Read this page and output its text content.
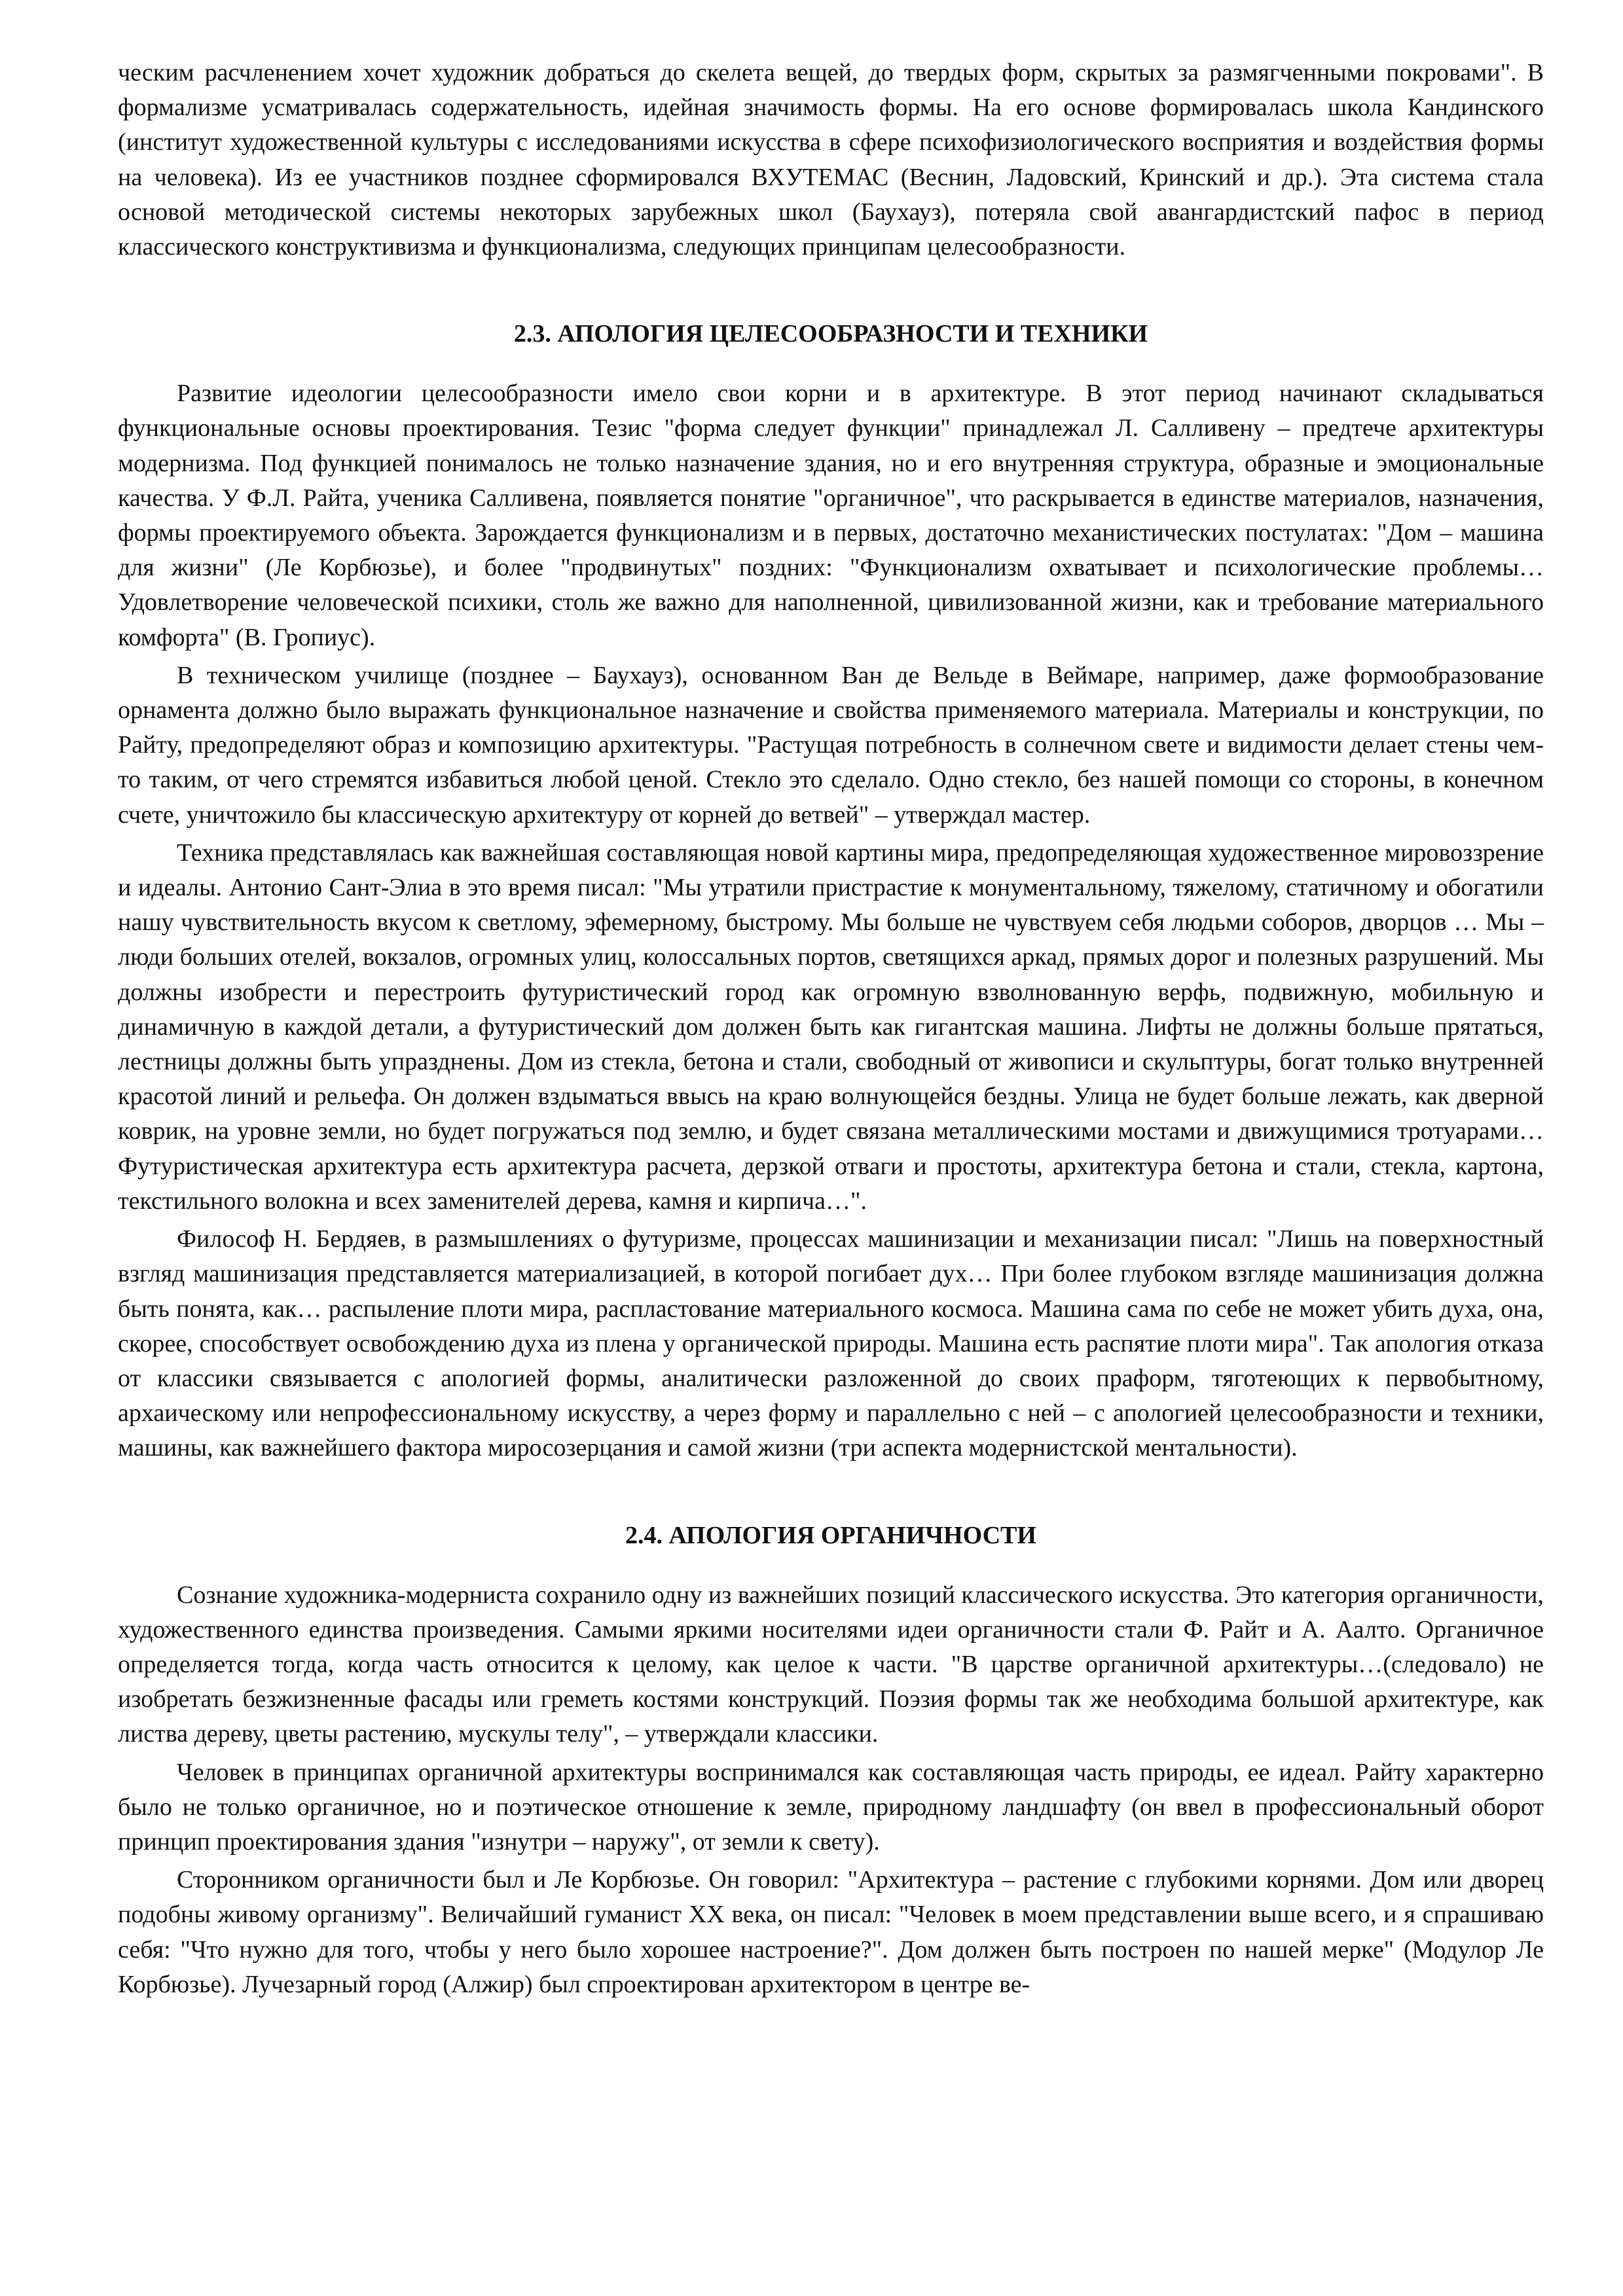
ческим расчленением хочет художник добраться до скелета вещей, до твердых форм, скрытых за размягченными покровами". В формализме усматривалась содержательность, идейная значимость формы. На его основе формировалась школа Кандинского (институт художественной культуры с исследованиями искусства в сфере психофизиологического восприятия и воздействия формы на человека). Из ее участников позднее сформировался ВХУТЕМАС (Веснин, Ладовский, Кринский и др.). Эта система стала основой методической системы некоторых зарубежных школ (Баухауз), потеряла свой авангардистский пафос в период классического конструктивизма и функционализма, следующих принципам целесообразности.

2.3. АПОЛОГИЯ ЦЕЛЕСООБРАЗНОСТИ И ТЕХНИКИ

Развитие идеологии целесообразности имело свои корни и в архитектуре. В этот период начинают складываться функциональные основы проектирования. Тезис "форма следует функции" принадлежал Л. Салливену – предтече архитектуры модернизма. Под функцией понималось не только назначение здания, но и его внутренняя структура, образные и эмоциональные качества. У Ф.Л. Райта, ученика Салливена, появляется понятие "органичное", что раскрывается в единстве материалов, назначения, формы проектируемого объекта. Зарождается функционализм и в первых, достаточно механистических постулатах: "Дом – машина для жизни" (Ле Корбюзье), и более "продвинутых" поздних: "Функционализм охватывает и психологические проблемы… Удовлетворение человеческой психики, столь же важно для наполненной, цивилизованной жизни, как и требование материального комфорта" (В. Гропиус).

В техническом училище (позднее – Баухауз), основанном Ван де Вельде в Веймаре, например, даже формообразование орнамента должно было выражать функциональное назначение и свойства применяемого материала. Материалы и конструкции, по Райту, предопределяют образ и композицию архитектуры. "Растущая потребность в солнечном свете и видимости делает стены чем-то таким, от чего стремятся избавиться любой ценой. Стекло это сделало. Одно стекло, без нашей помощи со стороны, в конечном счете, уничтожило бы классическую архитектуру от корней до ветвей" – утверждал мастер.

Техника представлялась как важнейшая составляющая новой картины мира, предопределяющая художественное мировоззрение и идеалы. Антонио Сант-Элиа в это время писал: "Мы утратили пристрастие к монументальному, тяжелому, статичному и обогатили нашу чувствительность вкусом к светлому, эфемерному, быстрому. Мы больше не чувствуем себя людьми соборов, дворцов … Мы – люди больших отелей, вокзалов, огромных улиц, колоссальных портов, светящихся аркад, прямых дорог и полезных разрушений. Мы должны изобрести и перестроить футуристический город как огромную взволнованную верфь, подвижную, мобильную и динамичную в каждой детали, а футуристический дом должен быть как гигантская машина. Лифты не должны больше прятаться, лестницы должны быть упразднены. Дом из стекла, бетона и стали, свободный от живописи и скульптуры, богат только внутренней красотой линий и рельефа. Он должен вздыматься ввысь на краю волнующейся бездны. Улица не будет больше лежать, как дверной коврик, на уровне земли, но будет погружаться под землю, и будет связана металлическими мостами и движущимися тротуарами… Футуристическая архитектура есть архитектура расчета, дерзкой отваги и простоты, архитектура бетона и стали, стекла, картона, текстильного волокна и всех заменителей дерева, камня и кирпича…".

Философ Н. Бердяев, в размышлениях о футуризме, процессах машинизации и механизации писал: "Лишь на поверхностный взгляд машинизация представляется материализацией, в которой погибает дух… При более глубоком взгляде машинизация должна быть понята, как… распыление плоти мира, распластование материального космоса. Машина сама по себе не может убить духа, она, скорее, способствует освобождению духа из плена у органической природы. Машина есть распятие плоти мира". Так апология отказа от классики связывается с апологией формы, аналитически разложенной до своих праформ, тяготеющих к первобытному, архаическому или непрофессиональному искусству, а через форму и параллельно с ней – с апологией целесообразности и техники, машины, как важнейшего фактора миросозерцания и самой жизни (три аспекта модернистской ментальности).

2.4. АПОЛОГИЯ ОРГАНИЧНОСТИ

Сознание художника-модерниста сохранило одну из важнейших позиций классического искусства. Это категория органичности, художественного единства произведения. Самыми яркими носителями идеи органичности стали Ф. Райт и А. Аалто. Органичное определяется тогда, когда часть относится к целому, как целое к части. "В царстве органичной архитектуры…(следовало) не изобретать безжизненные фасады или греметь костями конструкций. Поэзия формы так же необходима большой архитектуре, как листва дереву, цветы растению, мускулы телу", – утверждали классики.

Человек в принципах органичной архитектуры воспринимался как составляющая часть природы, ее идеал. Райту характерно было не только органичное, но и поэтическое отношение к земле, природному ландшафту (он ввел в профессиональный оборот принцип проектирования здания "изнутри – наружу", от земли к свету).

Сторонником органичности был и Ле Корбюзье. Он говорил: "Архитектура – растение с глубокими корнями. Дом или дворец подобны живому организму". Величайший гуманист XX века, он писал: "Человек в моем представлении выше всего, и я спрашиваю себя: "Что нужно для того, чтобы у него было хорошее настроение?". Дом должен быть построен по нашей мерке" (Модулор Ле Корбюзье). Лучезарный город (Алжир) был спроектирован архитектором в центре ве-
